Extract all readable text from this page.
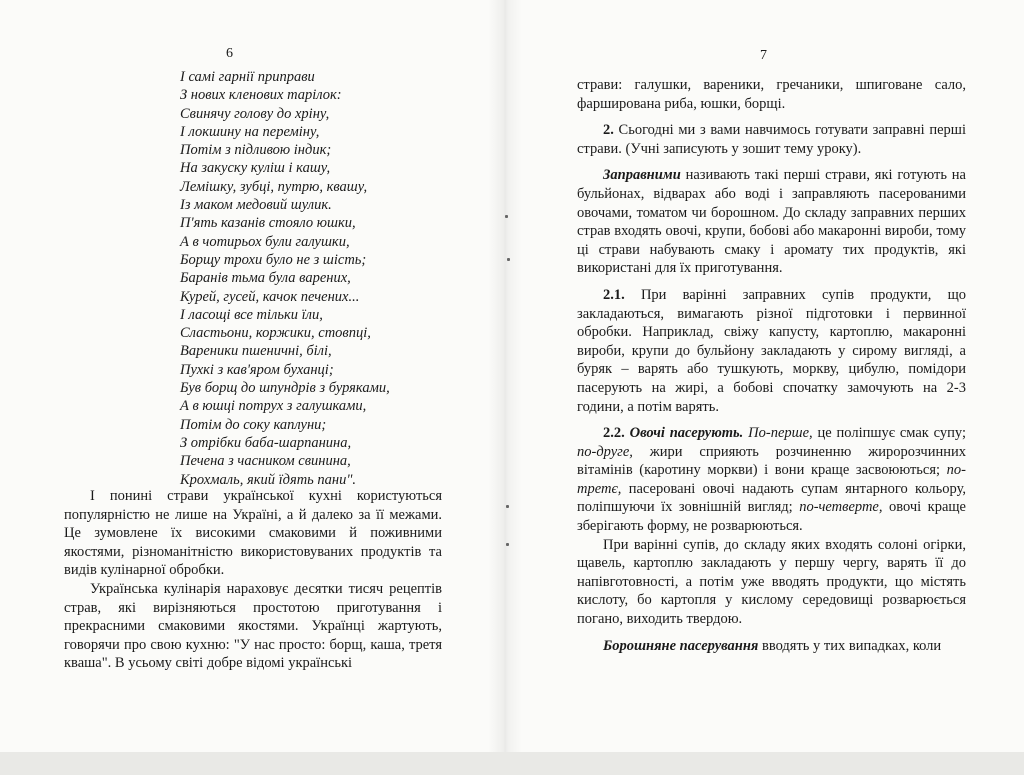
6
І самі гарнії приправи
З нових кленових тарілок:
Свинячу голову до хріну,
І локшину на переміну,
Потім з підливою індик;
На закуску куліш і кашу,
Лемішку, зубці, путрю, квашу,
Із маком медовий шулик.
П'ять казанів стояло юшки,
А в чотирьох були галушки,
Борщу трохи було не з шість;
Баранів тьма була варених,
Курей, гусей, качок печених...
І ласощі все тільки їли,
Сластьони, коржики, стовпці,
Вареники пшеничні, білі,
Пухкі з кав'яром буханці;
Був борщ до шпундрів з буряками,
А в юшці потрух з галушками,
Потім до соку каплуни;
З отрібки баба-шарпанина,
Печена з часником свинина,
Крохмаль, який їдять пани".

І понині страви української кухні користуються популярністю не лише на Україні, а й далеко за її межами. Це зумовлене їх високими смаковими й поживними якостями, різноманітністю використовуваних продуктів та видів кулінарної обробки.

Українська кулінарія нараховує десятки тисяч рецептів страв, які вирізняються простотою приготування і прекрасними смаковими якостями. Українці жартують, говорячи про свою кухню: "У нас просто: борщ, каша, третя кваша". В усьому світі добре відомі українські

7

страви: галушки, вареники, гречаники, шпиговане сало, фарширована риба, юшки, борщі.

2. Сьогодні ми з вами навчимось готувати заправні перші страви. (Учні записують у зошит тему уроку).

Заправними називають такі перші страви, які готують на бульйонах, відварах або воді і заправляють пасерованими овочами, томатом чи борошном. До складу заправних перших страв входять овочі, крупи, бобові або макаронні вироби, тому ці страви набувають смаку і аромату тих продуктів, які використані для їх приготування.

2.1. При варінні заправних супів продукти, що закладаються, вимагають різної підготовки і первинної обробки. Наприклад, свіжу капусту, картоплю, макаронні вироби, крупи до бульйону закладають у сирому вигляді, а буряк – варять або тушкують, моркву, цибулю, помідори пасерують на жирі, а бобові спочатку замочують на 2-3 години, а потім варять.

2.2. Овочі пасерують. По-перше, це поліпшує смак супу; по-друге, жири сприяють розчиненню жиророзчинних вітамінів (каротину моркви) і вони краще засвоюються; по-третє, пасеровані овочі надають супам янтарного кольору, поліпшуючи їх зовнішній вигляд; по-четверте, овочі краще зберігають форму, не розварюються.

При варінні супів, до складу яких входять солоні огірки, щавель, картоплю закладають у першу чергу, варять її до напівготовності, а потім уже вводять продукти, що містять кислоту, бо картопля у кислому середовищі розварюється погано, виходить твердою.

Борошняне пасерування вводять у тих випадках, коли
